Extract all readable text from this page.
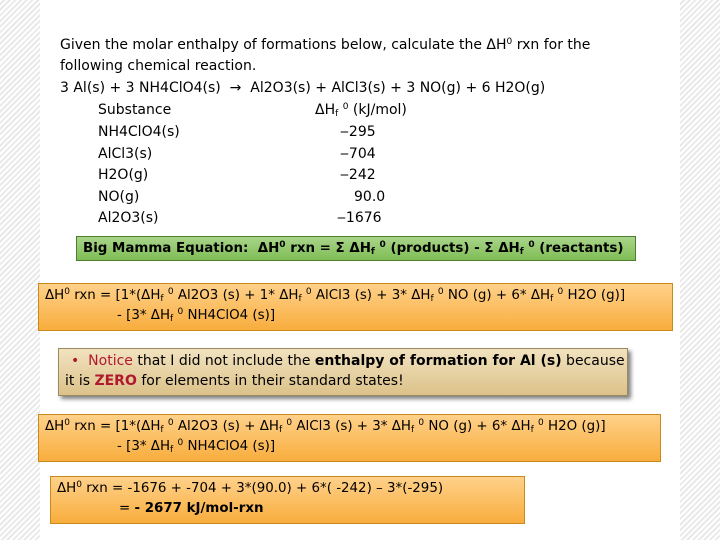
Given the molar enthalpy of formations below, calculate the $\Delta H^0$ rxn for the
following chemical reaction.
3 Al(s) + 3 NH4ClO4(s) → Al2O3(s) + AlCl3(s) + 3 NO(g) + 6 H2O(g)
Substance	$\Delta H_f$ $^0$ (kJ/mol)
NH4ClO4(s)	‒295
AlCl3(s)	‒704
H2O(g)	‒242
NO(g)	90.0
Al2O3(s)	‒1676
Big Mamma Equation: $\Delta H^0$ rxn = Σ $\Delta H_f$ $^0$ (products) - Σ $\Delta H_f$ $^0$ (reactants)
$\Delta H^0$ rxn = [$1*(\Delta H_f$ $^0$ Al2O3 (s) + 1* $\Delta H_f$ $^0$ AlCl3 (s) + 3* $\Delta H_f$ $^0$ NO (g) + 6* $\Delta H_f$ $^0$ H2O (g)]
- [3* $\Delta H_f$ $^0$ NH4ClO4 (s)]
• Notice that I did not include the enthalpy of formation for Al (s) because
it is ZERO for elements in their standard states!
$\Delta H^0$ rxn = [$1*(\Delta H_f$ $^0$ Al2O3 $(s) + \Delta H_f$ $^0$ AlCl3 (s) + 3* $\Delta H_f$ $^0$ NO (g) + 6* $\Delta H_f$ $^0$ H2O (g)]
- [3* $\Delta H_f$ $^0$ NH4ClO4 (s)]
$\Delta H^0$ rxn = -1676 + -704 + 3*(90.0) + 6*( -242) – 3*(-295)
= - 2677 kJ/mol-rxn
